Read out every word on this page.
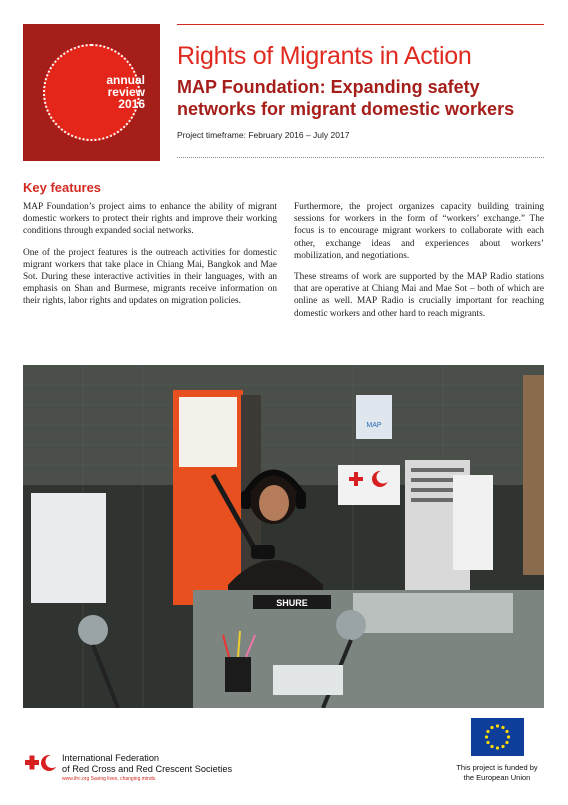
annual
review
2016
Rights of Migrants in Action
MAP Foundation: Expanding safety networks for migrant domestic workers
Project timeframe: February 2016 – July 2017
Key features

MAP Foundation’s project aims to enhance the ability of migrant domestic workers to protect their rights and improve their working conditions through expanded social networks.

One of the project features is the outreach activities for domestic migrant workers that take place in Chiang Mai, Bangkok and Mae Sot. During these interactive activities in their languages, with an emphasis on Shan and Burmese, migrants receive information on their rights, labor rights and updates on migration policies.

Furthermore, the project organizes capacity building training sessions for workers in the form of “workers’ exchange.” The focus is to encourage migrant workers to collaborate with each other, exchange ideas and experiences about workers’ mobilization, and negotiations.

These streams of work are supported by the MAP Radio stations that are operative at Chiang Mai and Mae Sot – both of which are online as well. MAP Radio is crucially important for reaching domestic workers and other hard to reach migrants.

MAP
SHURE
International Federation
of Red Cross and Red Crescent Societies
www.ifrc.org Saving lives, changing minds.
This project is funded by
the European Union
